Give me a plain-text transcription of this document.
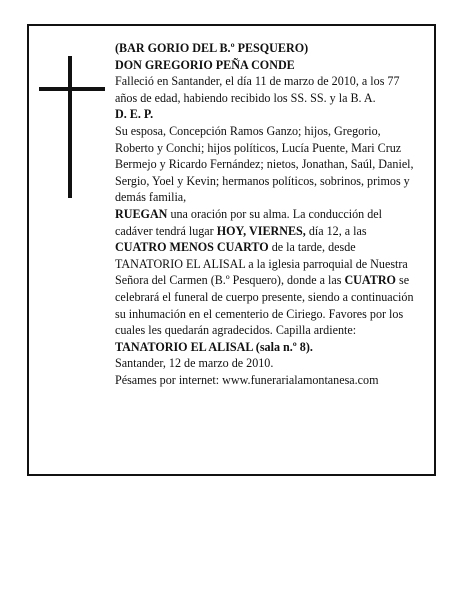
(BAR GORIO DEL B.º PESQUERO)

DON GREGORIO PEÑA CONDE

Falleció en Santander, el día 11 de marzo de 2010, a los 77 años de edad, habiendo recibido los SS. SS. y la B. A.

D. E. P.

Su esposa, Concepción Ramos Ganzo; hijos, Gregorio, Roberto y Conchi; hijos políticos, Lucía Puente, Mari Cruz Bermejo y Ricardo Fernández; nietos, Jonathan, Saúl, Daniel, Sergio, Yoel y Kevin; hermanos políticos, sobrinos, primos y demás familia,

RUEGAN una oración por su alma. La conducción del cadáver tendrá lugar HOY, VIERNES, día 12, a las CUATRO MENOS CUARTO de la tarde, desde TANATORIO EL ALISAL a la iglesia parroquial de Nuestra Señora del Carmen (B.º Pesquero), donde a las CUATRO se celebrará el funeral de cuerpo presente, siendo a continuación su inhumación en el cementerio de Ciriego. Favores por los cuales les quedarán agradecidos. Capilla ardiente: TANATORIO EL ALISAL (sala n.º 8).

Santander, 12 de marzo de 2010.

Pésames por internet: www.funerarialamontanesa.com
